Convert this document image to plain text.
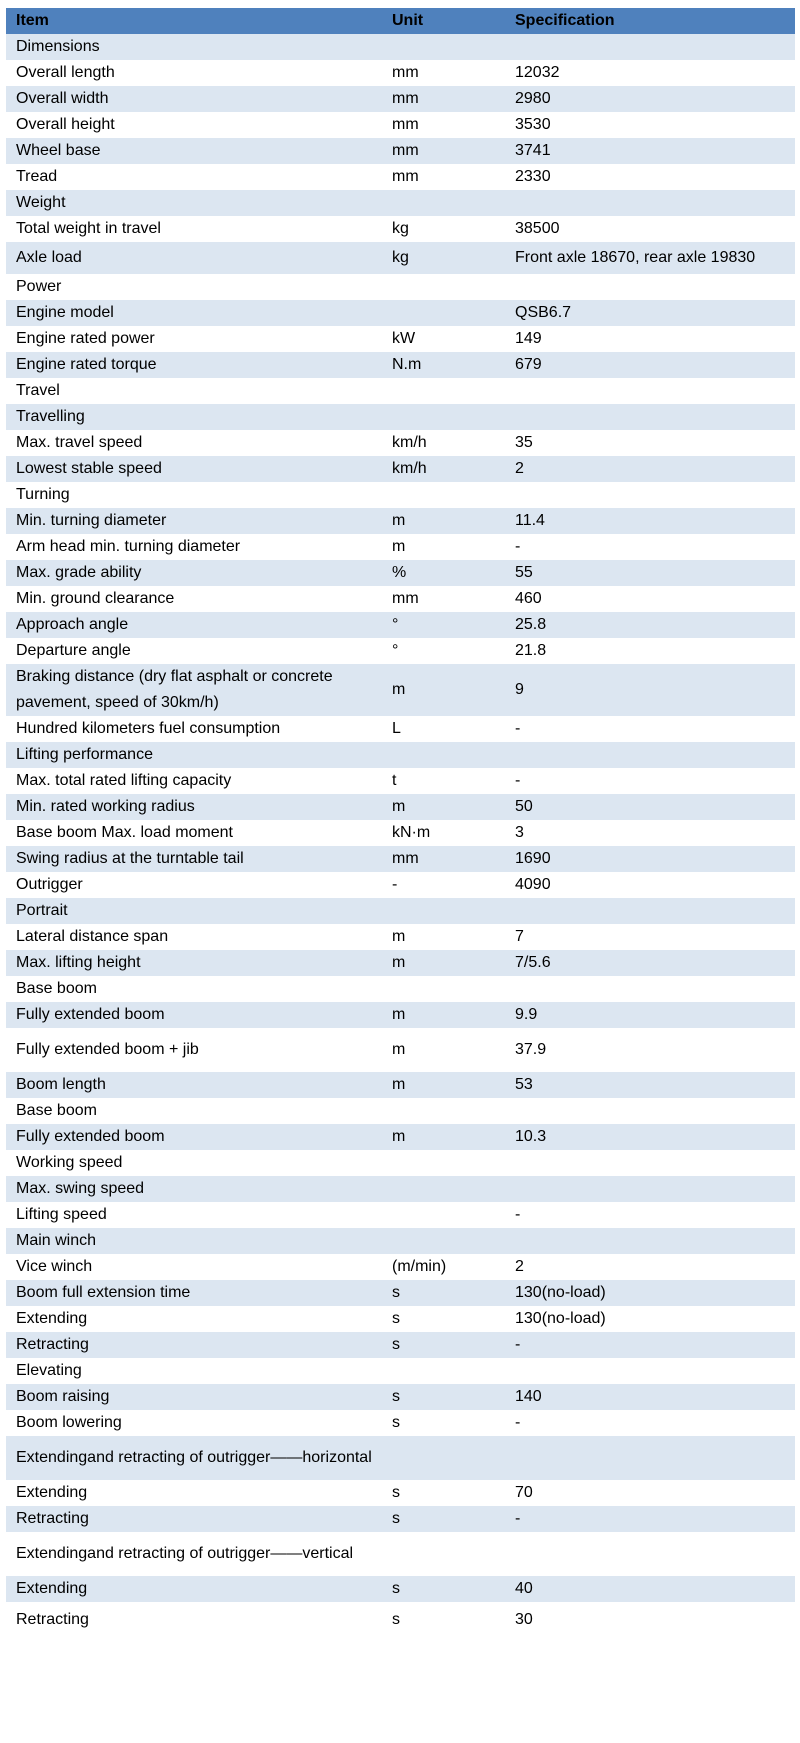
Item	Unit	Specification
Dimensions		
Overall length	mm	12032
Overall width	mm	2980
Overall height	mm	3530
Wheel base	mm	3741
Tread	mm	2330
Weight		
Total weight in travel	kg	38500
Axle load	kg	Front axle 18670, rear axle 19830
Power		
Engine model		QSB6.7
Engine rated power	kW	149
Engine rated torque	N.m	679
Travel		
Travelling		
Max. travel speed	km/h	35
Lowest stable speed	km/h	2
Turning		
Min. turning diameter	m	11.4
Arm head min. turning diameter	m	-
Max. grade ability	%	55
Min. ground clearance	mm	460
Approach angle	°	25.8
Departure angle	°	21.8
Braking distance (dry flat asphalt or concrete pavement, speed of 30km/h)	m	9
Hundred kilometers fuel consumption	L	-
Lifting performance		
Max. total rated lifting capacity	t	-
Min. rated working radius	m	50
Base boom Max. load moment	kN·m	3
Swing radius at the turntable tail	mm	1690
Outrigger	-	4090
Portrait		
Lateral distance span	m	7
Max. lifting height	m	7/5.6
Base boom		
Fully extended boom	m	9.9
Fully extended boom + jib	m	37.9
Boom length	m	53
Base boom		
Fully extended boom	m	10.3
Working speed		
Max. swing speed		
Lifting speed		-
Main winch		
Vice winch	(m/min)	2
Boom full extension time	s	130(no-load)
Extending	s	130(no-load)
Retracting	s	-
Elevating		
Boom raising	s	140
Boom lowering	s	-
Extendingand retracting of outrigger——horizontal		
Extending	s	70
Retracting	s	-
Extendingand retracting of outrigger——vertical		
Extending	s	40
Retracting	s	30
